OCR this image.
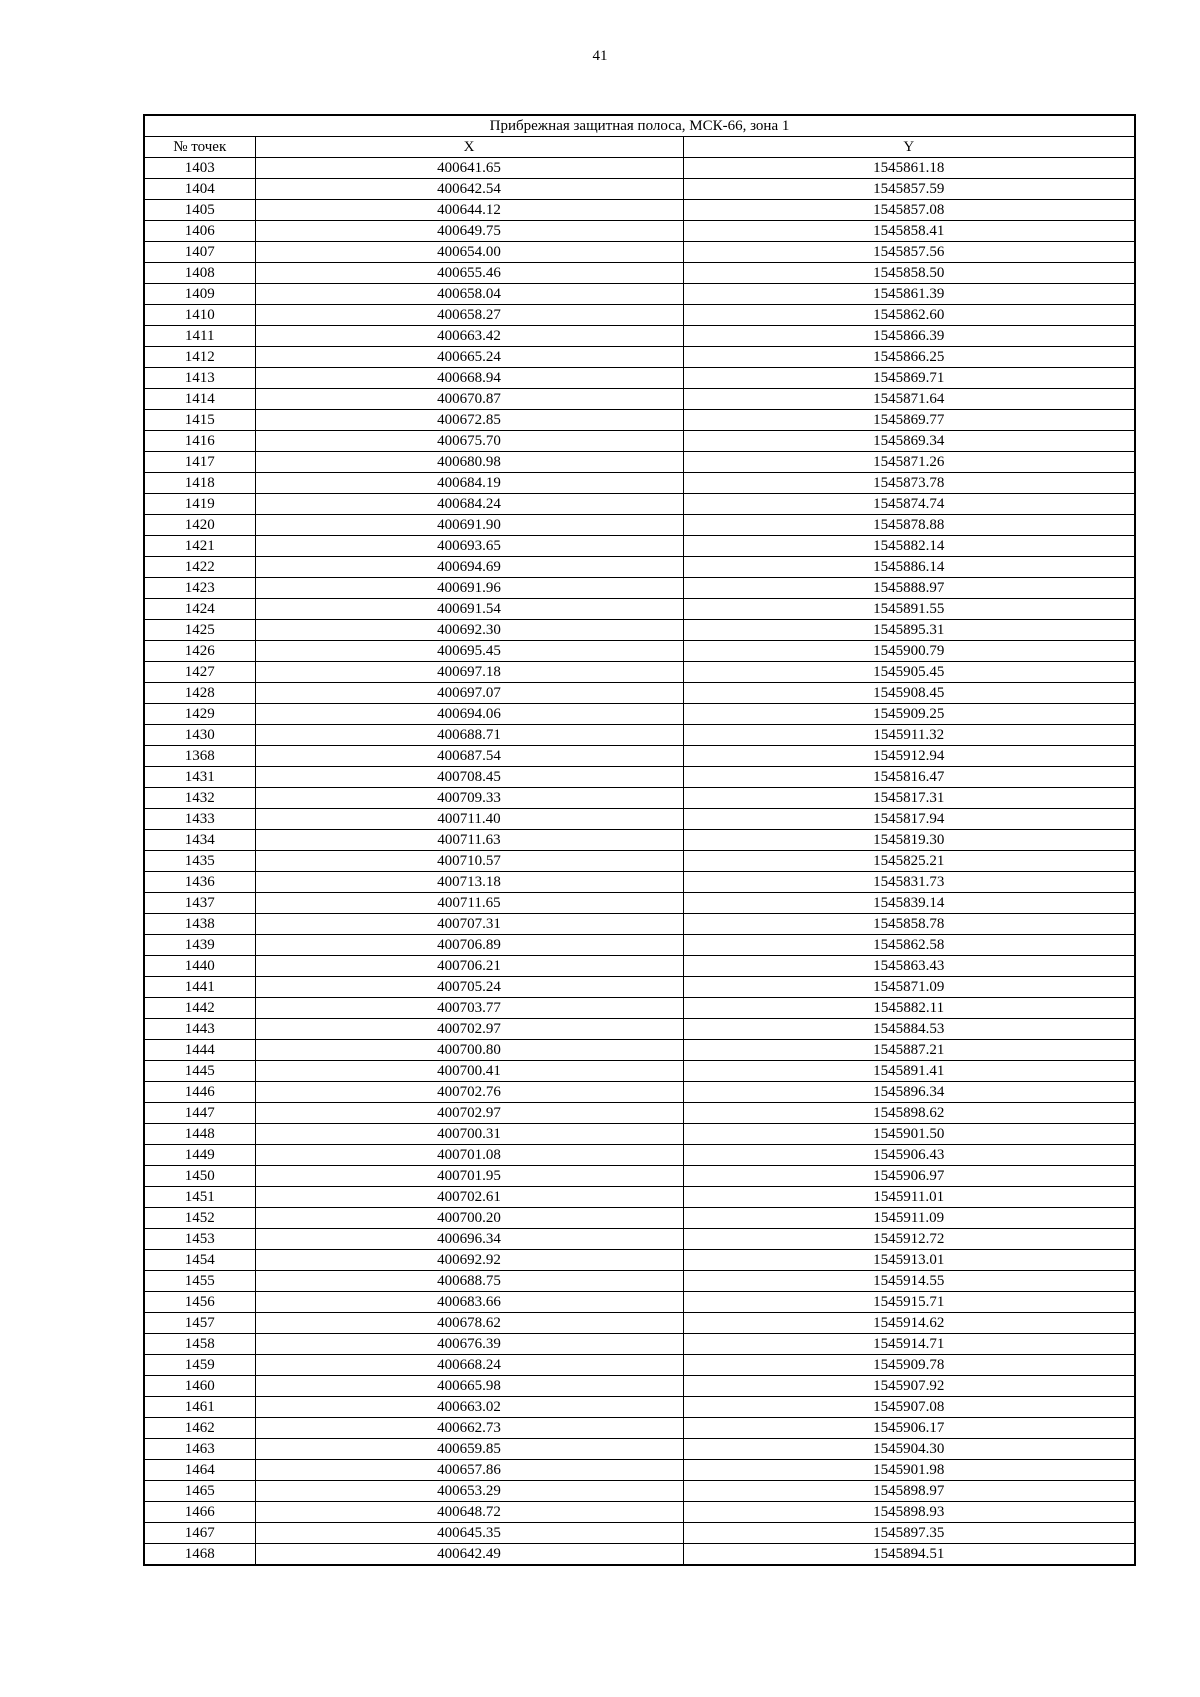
41
Прибрежная защитная полоса, МСК-66, зона 1		
№ точек	X	Y
1403	400641.65	1545861.18
1404	400642.54	1545857.59
1405	400644.12	1545857.08
1406	400649.75	1545858.41
1407	400654.00	1545857.56
1408	400655.46	1545858.50
1409	400658.04	1545861.39
1410	400658.27	1545862.60
1411	400663.42	1545866.39
1412	400665.24	1545866.25
1413	400668.94	1545869.71
1414	400670.87	1545871.64
1415	400672.85	1545869.77
1416	400675.70	1545869.34
1417	400680.98	1545871.26
1418	400684.19	1545873.78
1419	400684.24	1545874.74
1420	400691.90	1545878.88
1421	400693.65	1545882.14
1422	400694.69	1545886.14
1423	400691.96	1545888.97
1424	400691.54	1545891.55
1425	400692.30	1545895.31
1426	400695.45	1545900.79
1427	400697.18	1545905.45
1428	400697.07	1545908.45
1429	400694.06	1545909.25
1430	400688.71	1545911.32
1368	400687.54	1545912.94
1431	400708.45	1545816.47
1432	400709.33	1545817.31
1433	400711.40	1545817.94
1434	400711.63	1545819.30
1435	400710.57	1545825.21
1436	400713.18	1545831.73
1437	400711.65	1545839.14
1438	400707.31	1545858.78
1439	400706.89	1545862.58
1440	400706.21	1545863.43
1441	400705.24	1545871.09
1442	400703.77	1545882.11
1443	400702.97	1545884.53
1444	400700.80	1545887.21
1445	400700.41	1545891.41
1446	400702.76	1545896.34
1447	400702.97	1545898.62
1448	400700.31	1545901.50
1449	400701.08	1545906.43
1450	400701.95	1545906.97
1451	400702.61	1545911.01
1452	400700.20	1545911.09
1453	400696.34	1545912.72
1454	400692.92	1545913.01
1455	400688.75	1545914.55
1456	400683.66	1545915.71
1457	400678.62	1545914.62
1458	400676.39	1545914.71
1459	400668.24	1545909.78
1460	400665.98	1545907.92
1461	400663.02	1545907.08
1462	400662.73	1545906.17
1463	400659.85	1545904.30
1464	400657.86	1545901.98
1465	400653.29	1545898.97
1466	400648.72	1545898.93
1467	400645.35	1545897.35
1468	400642.49	1545894.51
